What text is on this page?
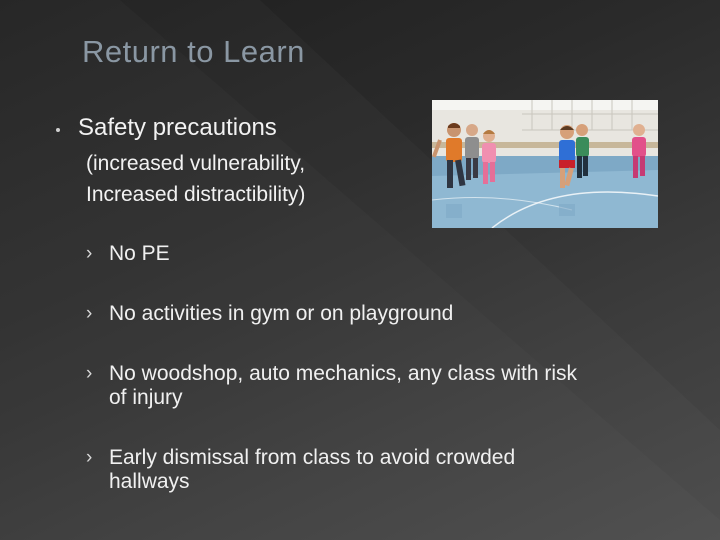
Return to Learn
Safety precautions
(increased vulnerability,
Increased distractibility)
› No PE
› No activities in gym or on playground
› No woodshop, auto mechanics, any class with risk
of injury
› Early dismissal from class to avoid crowded
hallways
